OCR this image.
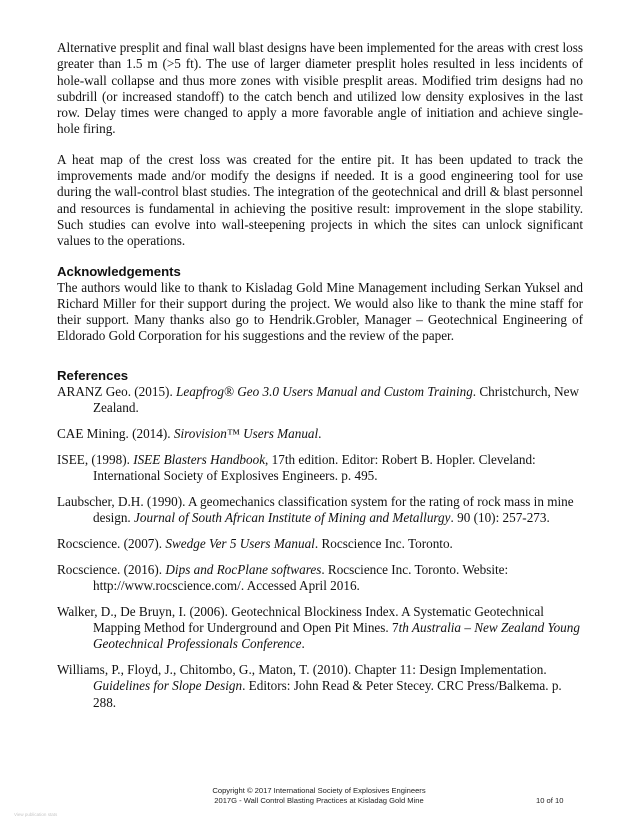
Alternative presplit and final wall blast designs have been implemented for the areas with crest loss greater than 1.5 m (>5 ft). The use of larger diameter presplit holes resulted in less incidents of hole-wall collapse and thus more zones with visible presplit areas. Modified trim designs had no subdrill (or increased standoff) to the catch bench and utilized low density explosives in the last row. Delay times were changed to apply a more favorable angle of initiation and achieve single-hole firing.

A heat map of the crest loss was created for the entire pit. It has been updated to track the improvements made and/or modify the designs if needed. It is a good engineering tool for use during the wall-control blast studies. The integration of the geotechnical and drill & blast personnel and resources is fundamental in achieving the positive result: improvement in the slope stability. Such studies can evolve into wall-steepening projects in which the sites can unlock significant values to the operations.

Acknowledgements

The authors would like to thank to Kisladag Gold Mine Management including Serkan Yuksel and Richard Miller for their support during the project. We would also like to thank the mine staff for their support. Many thanks also go to Hendrik.Grobler, Manager – Geotechnical Engineering of Eldorado Gold Corporation for his suggestions and the review of the paper.

References

ARANZ Geo. (2015). Leapfrog® Geo 3.0 Users Manual and Custom Training. Christchurch, New Zealand.

CAE Mining. (2014). Sirovision™ Users Manual.

ISEE, (1998). ISEE Blasters Handbook, 17th edition. Editor: Robert B. Hopler. Cleveland: International Society of Explosives Engineers. p. 495.

Laubscher, D.H. (1990). A geomechanics classification system for the rating of rock mass in mine design. Journal of South African Institute of Mining and Metallurgy. 90 (10): 257-273.

Rocscience. (2007). Swedge Ver 5 Users Manual. Rocscience Inc. Toronto.

Rocscience. (2016). Dips and RocPlane softwares. Rocscience Inc. Toronto. Website: http://www.rocscience.com/. Accessed April 2016.

Walker, D., De Bruyn, I. (2006). Geotechnical Blockiness Index. A Systematic Geotechnical Mapping Method for Underground and Open Pit Mines. 7th Australia – New Zealand Young Geotechnical Professionals Conference.

Williams, P., Floyd, J., Chitombo, G., Maton, T. (2010). Chapter 11: Design Implementation. Guidelines for Slope Design. Editors: John Read & Peter Stecey. CRC Press/Balkema. p. 288.

Copyright © 2017 International Society of Explosives Engineers
2017G - Wall Control Blasting Practices at Kisladag Gold Mine	10 of 10
View publication stats
